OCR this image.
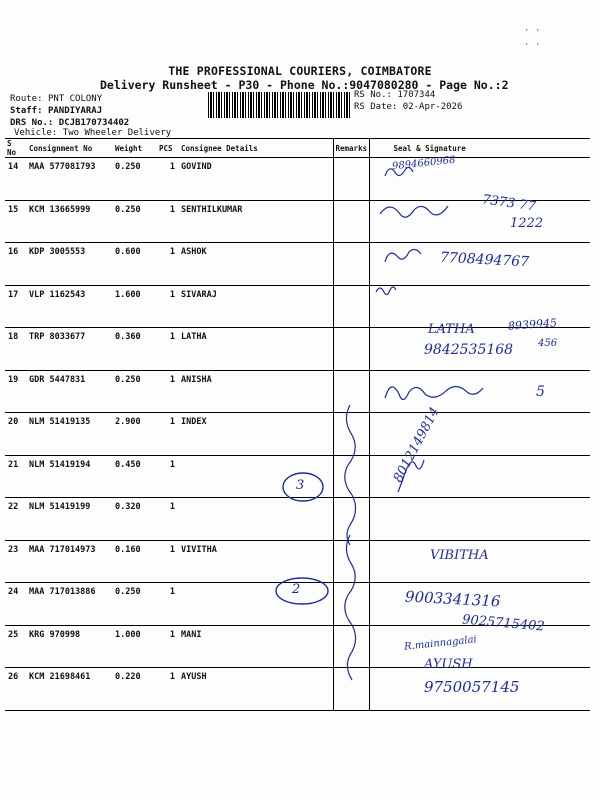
· ·
· ·
THE PROFESSIONAL COURIERS, COIMBATORE
Delivery Runsheet - P30 - Phone No.:9047080280 - Page No.:2
Route: PNT COLONY
Staff: PANDIYARAJ
DRS No.: DCJB170734402
Vehicle: Two Wheeler Delivery
RS No.: 1707344
RS Date: 02-Apr-2026
S No	Consignment No	Weight	PCS	Consignee Details	Remarks	Seal & Signature
14	MAA 577081793	0.250	1	GOVIND		
15	KCM 13665999	0.250	1	SENTHILKUMAR		
16	KDP 3005553	0.600	1	ASHOK		
17	VLP 1162543	1.600	1	SIVARAJ		
18	TRP 8033677	0.360	1	LATHA		
19	GDR 5447831	0.250	1	ANISHA		
20	NLM 51419135	2.900	1	INDEX		
21	NLM 51419194	0.450	1			
22	NLM 51419199	0.320	1			
23	MAA 717014973	0.160	1	VIVITHA		
24	MAA 717013886	0.250	1			
25	KRG 970998	1.000	1	MANI		
26	KCM 21698461	0.220	1	AYUSH		
9894660968
7373 77
1222
7708494767
LATHA	8939945
9842535168 456
5
8012149814
3
2
VIBITHA
9003341316
9025715402
R.mainnagalai
AYUSH
9750057145
